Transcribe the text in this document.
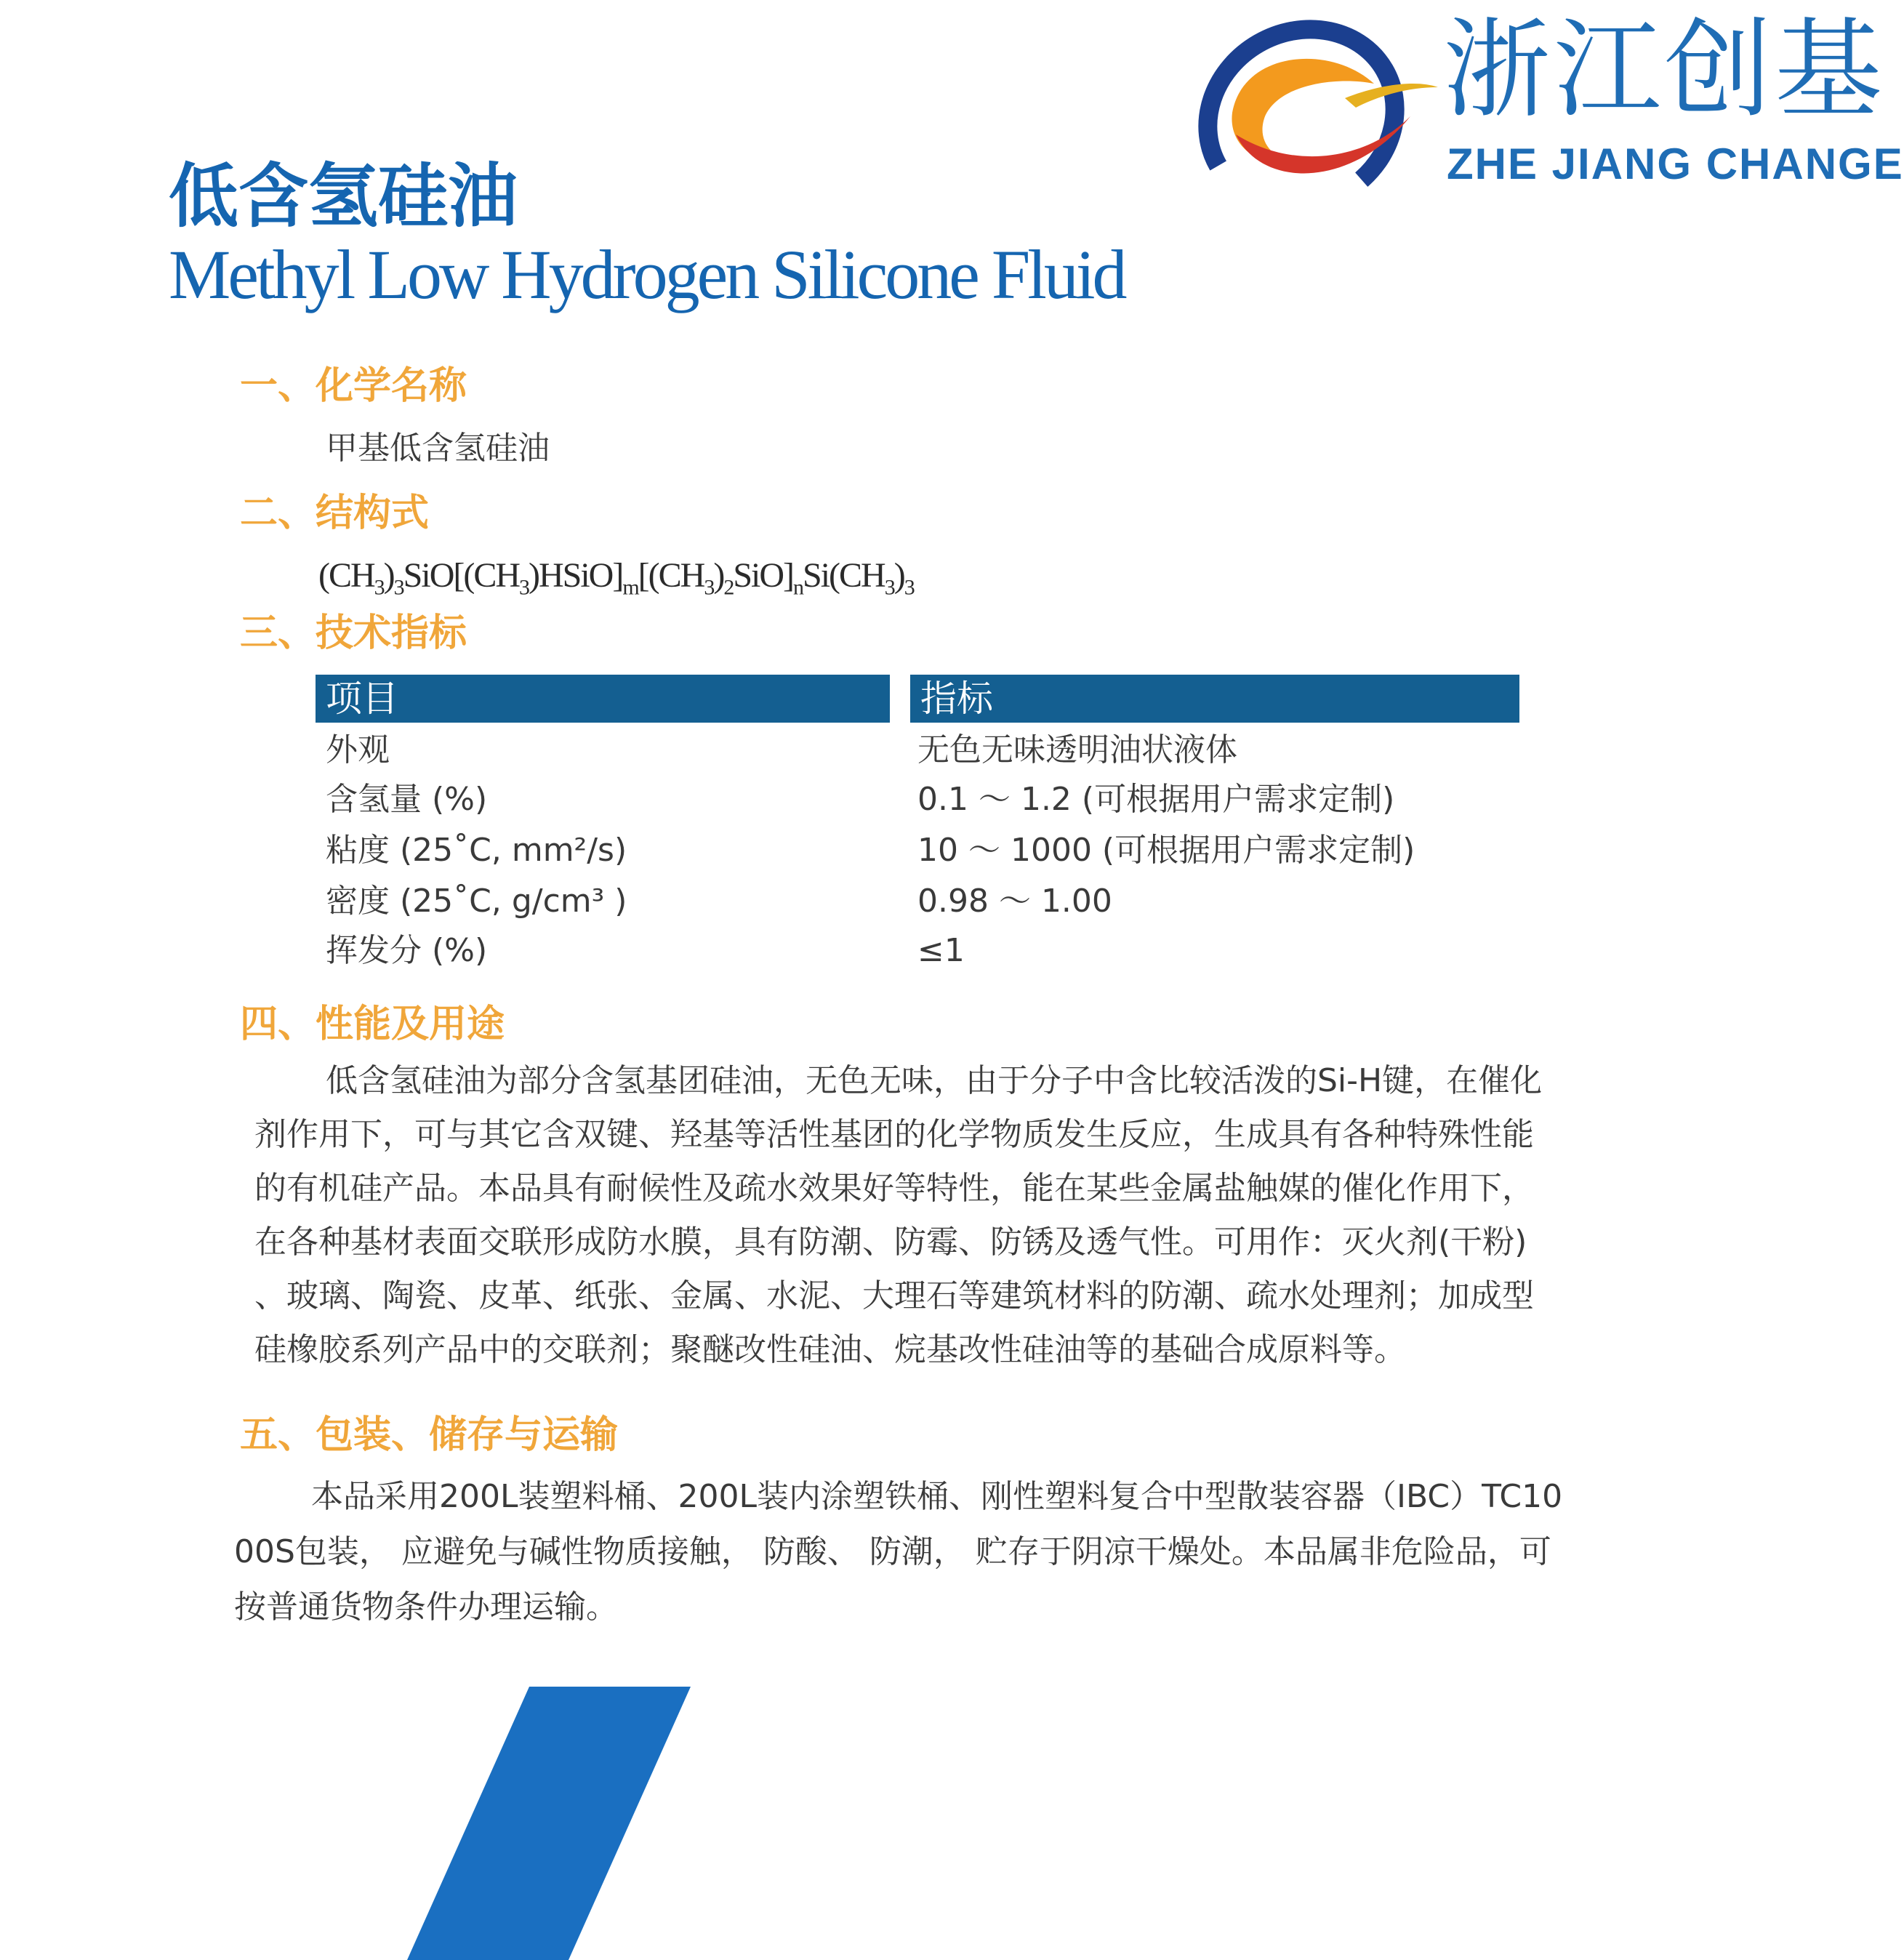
浙江创基
ZHE JIANG CHANGE
低含氢硅油
Methyl Low Hydrogen Silicone Fluid
一、化学名称
甲基低含氢硅油
二、结构式
$(CH_3)_3SiO[(CH_3)HSiO]_m[(CH_3)_2SiO]_nSi(CH_3)_3$
三、技术指标
项目	指标
外观	无色无味透明油状液体
含氢量 (%)	0.1 ～ 1.2 (可根据用户需求定制)
粘度 (25˚C, mm²/s)	10 ～ 1000 (可根据用户需求定制)
密度 (25˚C, g/cm³ )	0.98 ～ 1.00
挥发分 (%)	≤1
四、性能及用途
低含氢硅油为部分含氢基团硅油，无色无味，由于分子中含比较活泼的Si-H键，在催化
剂作用下，可与其它含双键、羟基等活性基团的化学物质发生反应，生成具有各种特殊性能
的有机硅产品。本品具有耐候性及疏水效果好等特性，能在某些金属盐触媒的催化作用下，
在各种基材表面交联形成防水膜，具有防潮、防霉、防锈及透气性。可用作：灭火剂(干粉)
、玻璃、陶瓷、皮革、纸张、金属、水泥、大理石等建筑材料的防潮、疏水处理剂；加成型
硅橡胶系列产品中的交联剂；聚醚改性硅油、烷基改性硅油等的基础合成原料等。
五、包装、储存与运输
本品采用200L装塑料桶、200L装内涂塑铁桶、刚性塑料复合中型散装容器（IBC）TC10
00S包装， 应避免与碱性物质接触， 防酸、 防潮， 贮存于阴凉干燥处。本品属非危险品，可
按普通货物条件办理运输。
